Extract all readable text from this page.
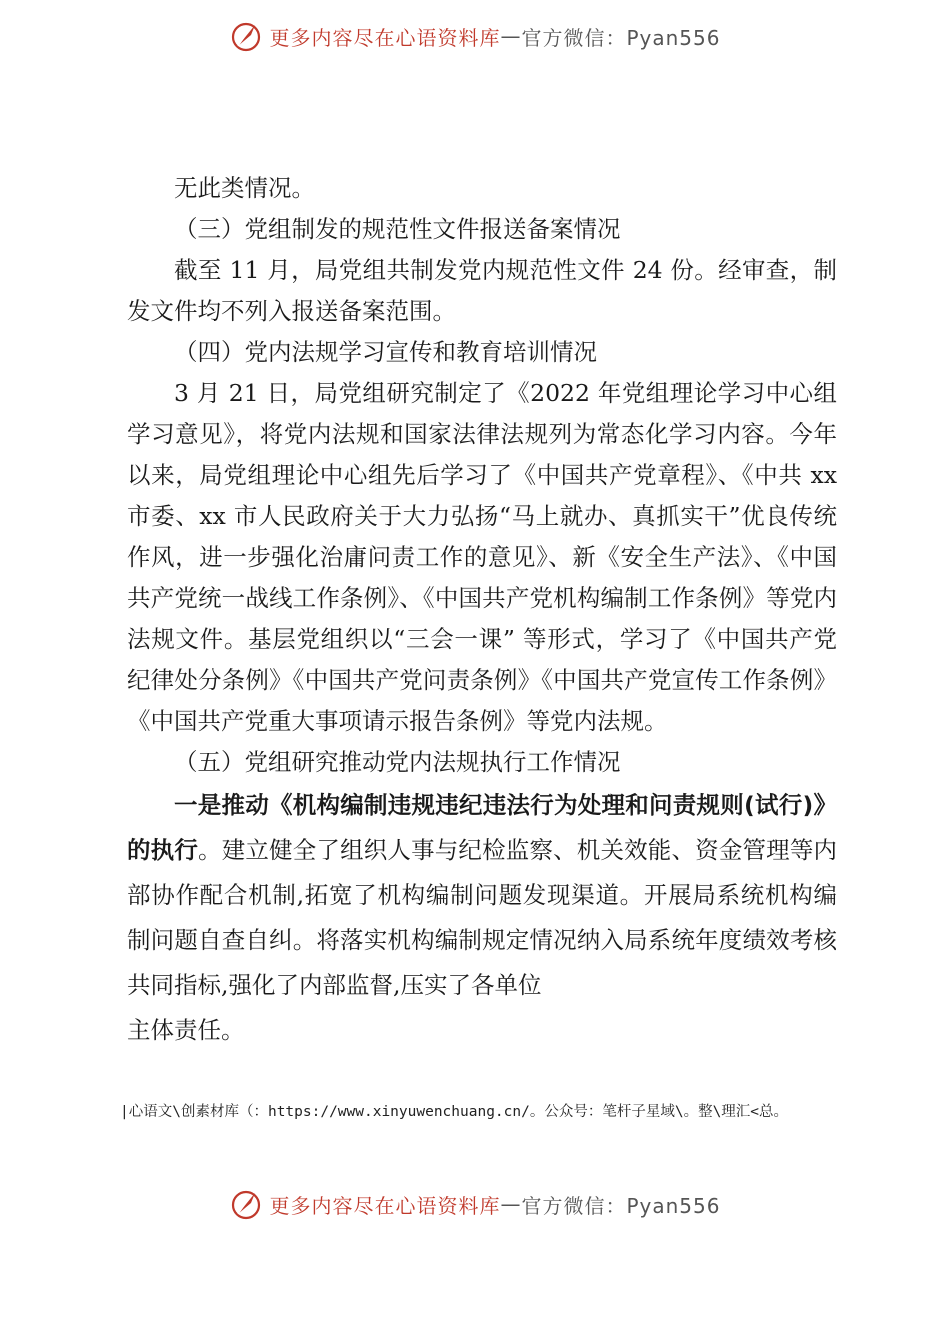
更多内容尽在心语资料库 — 官方微信：Pyan556

无此类情况。

（三）党组制发的规范性文件报送备案情况

截至 11 月，局党组共制发党内规范性文件 24 份。经审查，制发文件均不列入报送备案范围。

（四）党内法规学习宣传和教育培训情况

3 月 21 日，局党组研究制定了《2022 年党组理论学习中心组学习意见》，将党内法规和国家法律法规列为常态化学习内容。今年以来，局党组理论中心组先后学习了《中国共产党章程》、《中共 xx 市委、xx 市人民政府关于大力弘扬“马上就办、真抓实干”优良传统作风，进一步强化治庸问责工作的意见》、新《安全生产法》、《中国共产党统一战线工作条例》、《中国共产党机构编制工作条例》等党内法规文件。基层党组织以“三会一课” 等形式，学习了《中国共产党纪律处分条例》《中国共产党问责条例》《中国共产党宣传工作条例》《中国共产党重大事项请示报告条例》等党内法规。

（五）党组研究推动党内法规执行工作情况

一是推动《机构编制违规违纪违法行为处理和问责规则(试行)》的执行。建立健全了组织人事与纪检监察、机关效能、资金管理等内部协作配合机制,拓宽了机构编制问题发现渠道。开展局系统机构编制问题自查自纠。将落实机构编制规定情况纳入局系统年度绩效考核共同指标,强化了内部监督,压实了各单位

主体责任。

|心语文\创素材库（：https://www.xinyuwenchuang.cn/。公众号：笔杆子星域\。整\理汇<总。
更多内容尽在心语资料库 — 官方微信：Pyan556
